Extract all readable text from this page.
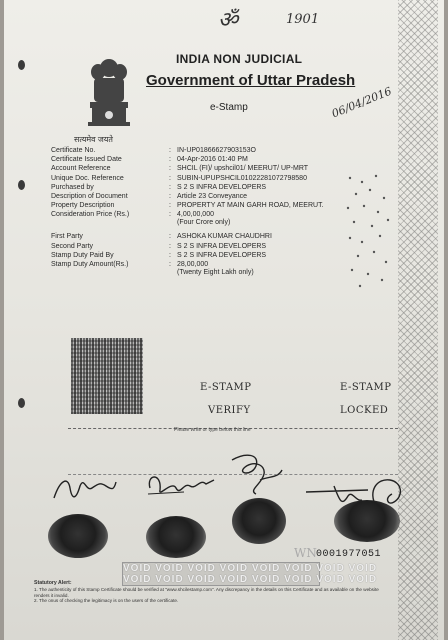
ॐ	1901
06/04/2016
सत्यमेव जयते
INDIA NON JUDICIAL
Government of Uttar Pradesh
e-Stamp
Certificate No.	: IN-UP01866627903153O
Certificate Issued Date	: 04-Apr-2016 01:40 PM
Account Reference	: SHCIL (FI)/ upshcil01/ MEERUT/ UP-MRT
Unique Doc. Reference	: SUBIN-UPUPSHCIL01022281072798580
Purchased by	: S 2 S INFRA DEVELOPERS
Description of Document	: Article 23 Conveyance
Property Description	: PROPERTY AT MAIN GARH ROAD, MEERUT.
Consideration Price (Rs.)	: 4,00,00,000
(Four Crore only)
First Party	: ASHOKA KUMAR CHAUDHRI
Second Party	: S 2 S INFRA DEVELOPERS
Stamp Duty Paid By	: S 2 S INFRA DEVELOPERS
Stamp Duty Amount(Rs.)	: 28,00,000
(Twenty Eight Lakh only)
E-STAMP
VERIFY
E-STAMP
LOCKED
Please write or type below this line
WN 0001977051
VOID VOID VOID VOID VOID VOID VOID VOID
VOID VOID VOID VOID VOID VOID VOID VOID
Statutory Alert:
1. The authenticity of this Stamp Certificate should be verified at "www.shcilestamp.com". Any discrepancy in the details on this Certificate and as available on the website renders it invalid.
2. The onus of checking the legitimacy is on the users of the certificate.
